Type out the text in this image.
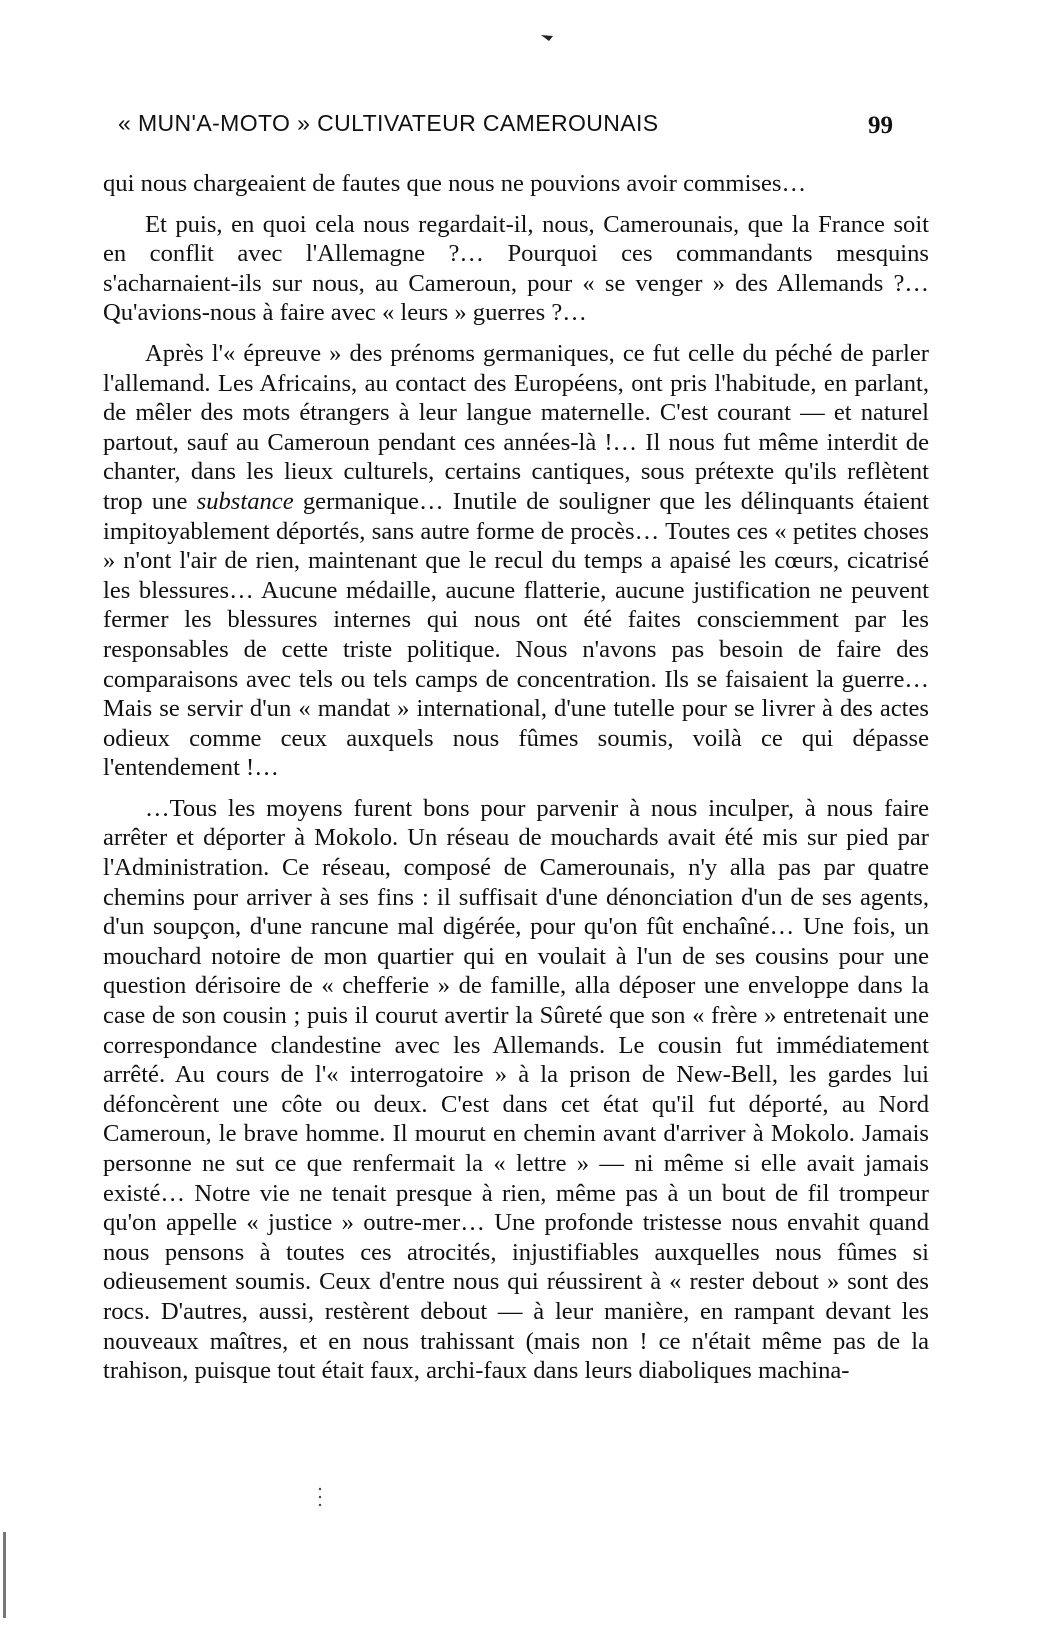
« MUN'A-MOTO » CULTIVATEUR CAMEROUNAIS	99

qui nous chargeaient de fautes que nous ne pouvions avoir commises…

Et puis, en quoi cela nous regardait-il, nous, Camerounais, que la France soit en conflit avec l'Allemagne ?… Pourquoi ces commandants mesquins s'acharnaient-ils sur nous, au Cameroun, pour « se venger » des Allemands ?… Qu'avions-nous à faire avec « leurs » guerres ?…

Après l'« épreuve » des prénoms germaniques, ce fut celle du péché de parler l'allemand. Les Africains, au contact des Européens, ont pris l'habitude, en parlant, de mêler des mots étrangers à leur langue maternelle. C'est courant — et naturel partout, sauf au Cameroun pendant ces années-là !… Il nous fut même interdit de chanter, dans les lieux culturels, certains cantiques, sous prétexte qu'ils reflètent trop une substance germanique… Inutile de souligner que les délinquants étaient impitoyablement déportés, sans autre forme de procès… Toutes ces « petites choses » n'ont l'air de rien, maintenant que le recul du temps a apaisé les cœurs, cicatrisé les blessures… Aucune médaille, aucune flatterie, aucune justification ne peuvent fermer les blessures internes qui nous ont été faites consciemment par les responsables de cette triste politique. Nous n'avons pas besoin de faire des comparaisons avec tels ou tels camps de concentration. Ils se faisaient la guerre… Mais se servir d'un « mandat » international, d'une tutelle pour se livrer à des actes odieux comme ceux auxquels nous fûmes soumis, voilà ce qui dépasse l'entendement !…

…Tous les moyens furent bons pour parvenir à nous inculper, à nous faire arrêter et déporter à Mokolo. Un réseau de mouchards avait été mis sur pied par l'Administration. Ce réseau, composé de Camerounais, n'y alla pas par quatre chemins pour arriver à ses fins : il suffisait d'une dénonciation d'un de ses agents, d'un soupçon, d'une rancune mal digérée, pour qu'on fût enchaîné… Une fois, un mouchard notoire de mon quartier qui en voulait à l'un de ses cousins pour une question dérisoire de « chefferie » de famille, alla déposer une enveloppe dans la case de son cousin ; puis il courut avertir la Sûreté que son « frère » entretenait une correspondance clandestine avec les Allemands. Le cousin fut immédiatement arrêté. Au cours de l'« interrogatoire » à la prison de New-Bell, les gardes lui défoncèrent une côte ou deux. C'est dans cet état qu'il fut déporté, au Nord Cameroun, le brave homme. Il mourut en chemin avant d'arriver à Mokolo. Jamais personne ne sut ce que renfermait la « lettre » — ni même si elle avait jamais existé… Notre vie ne tenait presque à rien, même pas à un bout de fil trompeur qu'on appelle « justice » outre-mer… Une profonde tristesse nous envahit quand nous pensons à toutes ces atrocités, injustifiables auxquelles nous fûmes si odieusement soumis. Ceux d'entre nous qui réussirent à « rester debout » sont des rocs. D'autres, aussi, restèrent debout — à leur manière, en rampant devant les nouveaux maîtres, et en nous trahissant (mais non ! ce n'était même pas de la trahison, puisque tout était faux, archi-faux dans leurs diaboliques machina-
